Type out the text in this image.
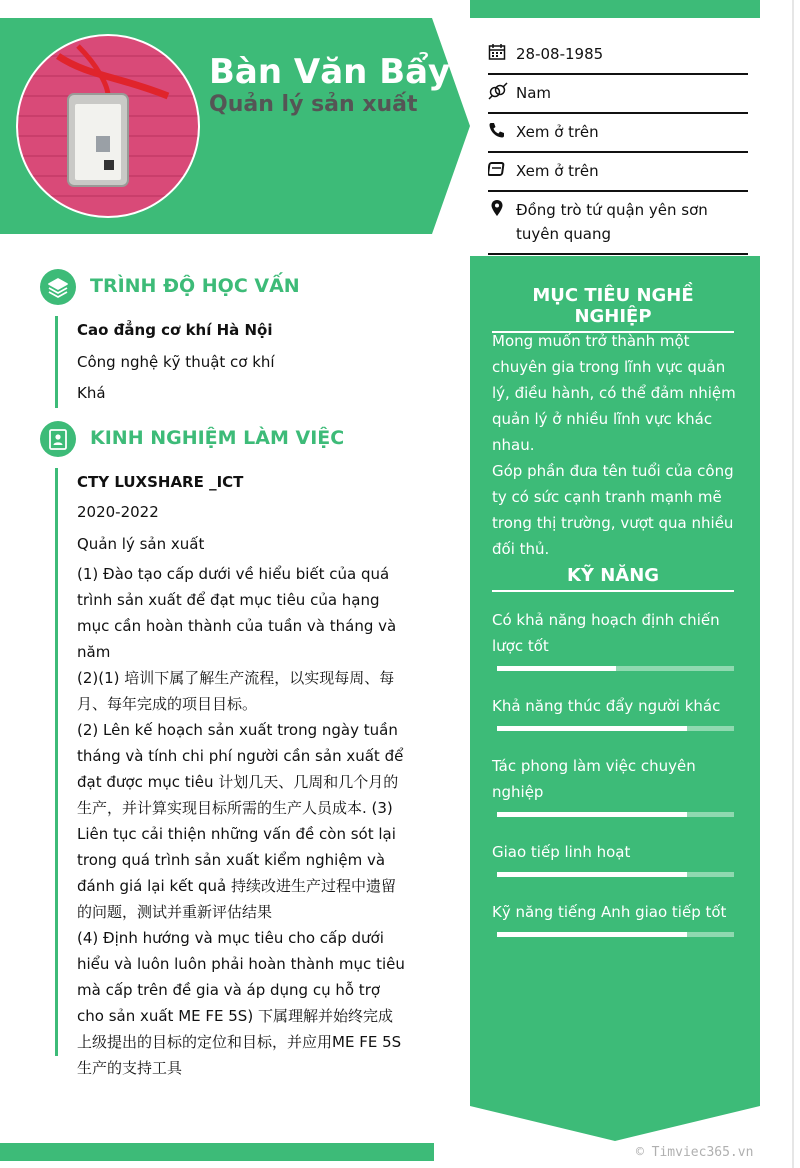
Bàn Văn Bẩy
Quản lý sản xuất
28-08-1985
Nam
Xem ở trên
Xem ở trên
Đồng trò tứ quận yên sơn tuyên quang
MỤC TIÊU NGHỀ NGHIỆP

Mong muốn trở thành một chuyên gia trong lĩnh vực quản lý, điều hành, có thể đảm nhiệm quản lý ở nhiều lĩnh vực khác nhau.

Góp phần đưa tên tuổi của công ty có sức cạnh tranh mạnh mẽ trong thị trường, vượt qua nhiều đối thủ.

KỸ NĂNG

Có khả năng hoạch định chiến lược tốt

Khả năng thúc đẩy người khác

Tác phong làm việc chuyên nghiệp

Giao tiếp linh hoạt

Kỹ năng tiếng Anh giao tiếp tốt

TRÌNH ĐỘ HỌC VẤN

Cao đẳng cơ khí Hà Nội

Công nghệ kỹ thuật cơ khí

Khá

KINH NGHIỆM LÀM VIỆC

CTY LUXSHARE _ICT

2020-2022

Quản lý sản xuất

(1) Đào tạo cấp dưới về hiểu biết của quá trình sản xuất để đạt mục tiêu của hạng mục cần hoàn thành của tuần và tháng và năm

(2)(1) 培训下属了解生产流程，以实现每周、每月、每年完成的项目目标。

(2) Lên kế hoạch sản xuất trong ngày tuần tháng và tính chi phí người cần sản xuất để đạt được mục tiêu 计划几天、几周和几个月的生产，并计算实现目标所需的生产人员成本. (3) Liên tục cải thiện những vấn đề còn sót lại trong quá trình sản xuất kiểm nghiệm và đánh giá lại kết quả 持续改进生产过程中遗留的问题，测试并重新评估结果

(4) Định hướng và mục tiêu cho cấp dưới hiểu và luôn luôn phải hoàn thành mục tiêu mà cấp trên đề gia và áp dụng cụ hỗ trợ cho sản xuất ME FE 5S) 下属理解并始终完成上级提出的目标的定位和目标，并应用ME FE 5S生产的支持工具

© Timviec365.vn
